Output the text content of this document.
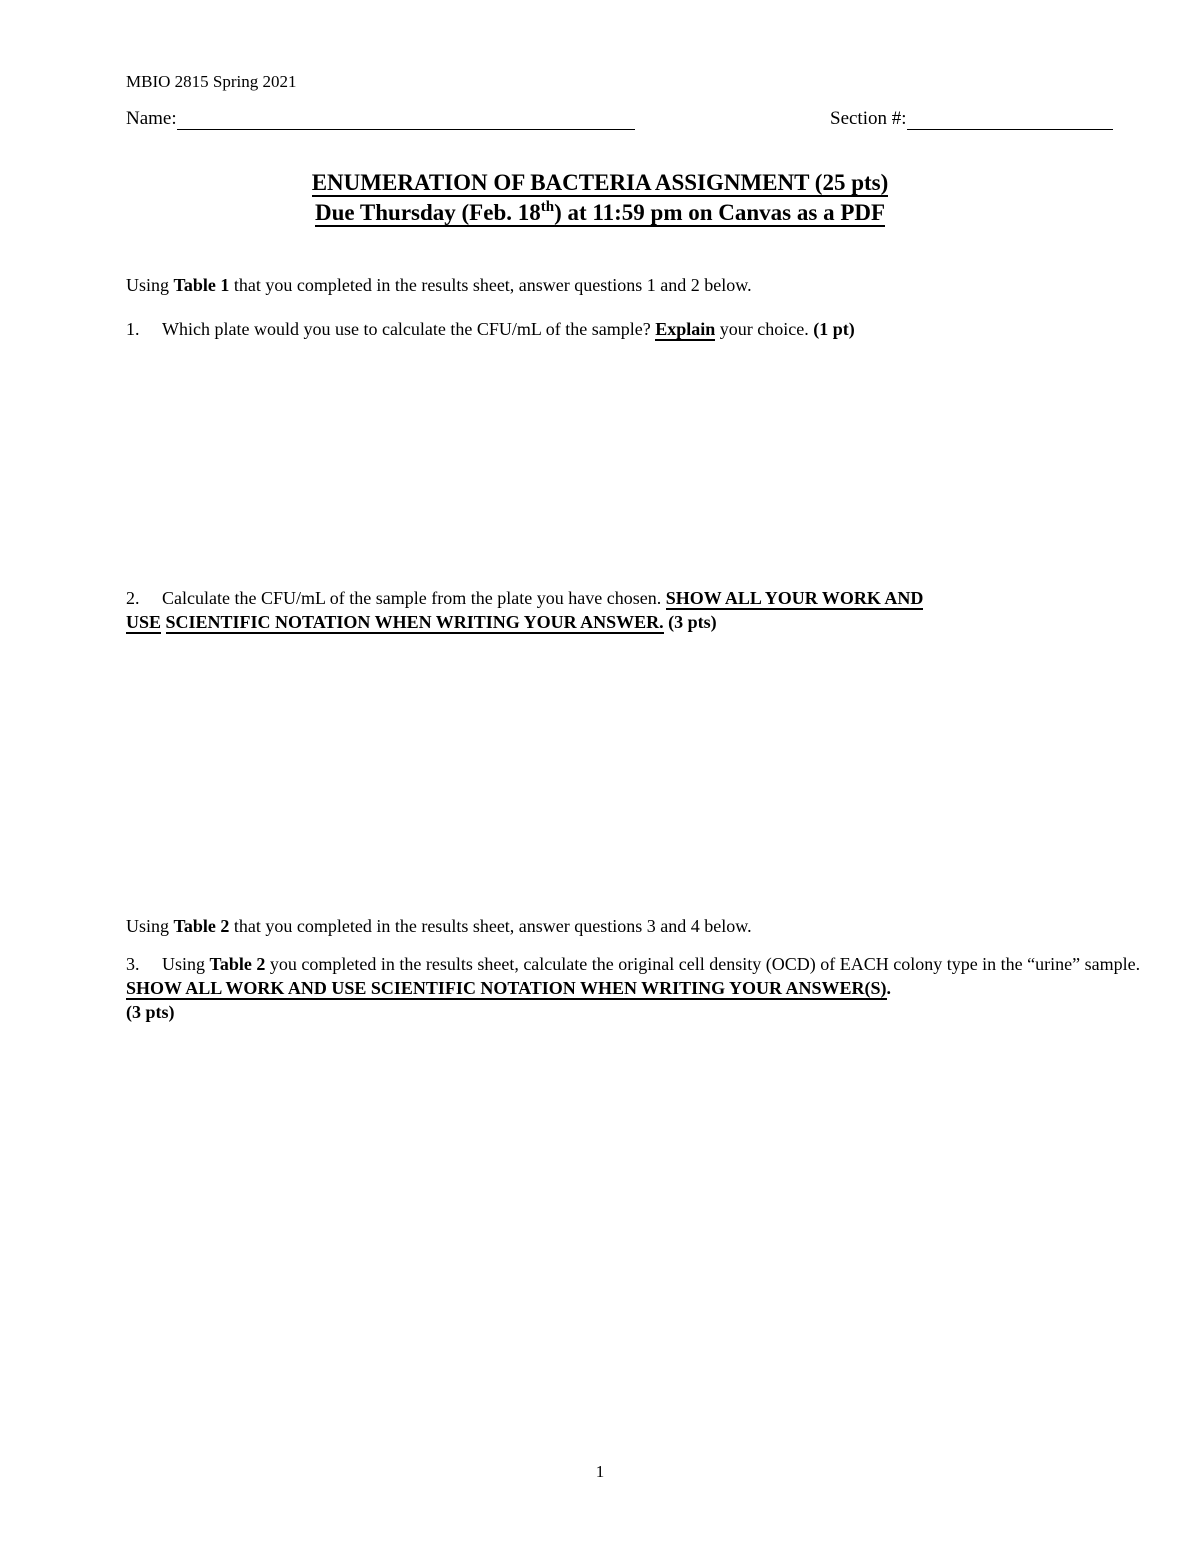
MBIO 2815 Spring 2021
Name:	Section #:
ENUMERATION OF BACTERIA ASSIGNMENT (25 pts)
Due Thursday (Feb. 18th) at 11:59 pm on Canvas as a PDF
Using Table 1 that you completed in the results sheet, answer questions 1 and 2 below.
1. Which plate would you use to calculate the CFU/mL of the sample? Explain your choice. (1 pt)
2. Calculate the CFU/mL of the sample from the plate you have chosen. SHOW ALL YOUR WORK AND
USE SCIENTIFIC NOTATION WHEN WRITING YOUR ANSWER. (3 pts)
Using Table 2 that you completed in the results sheet, answer questions 3 and 4 below.
3. Using Table 2 you completed in the results sheet, calculate the original cell density (OCD) of EACH colony type in the “urine” sample. SHOW ALL WORK AND USE SCIENTIFIC NOTATION WHEN WRITING YOUR ANSWER(S).
(3 pts)
1
